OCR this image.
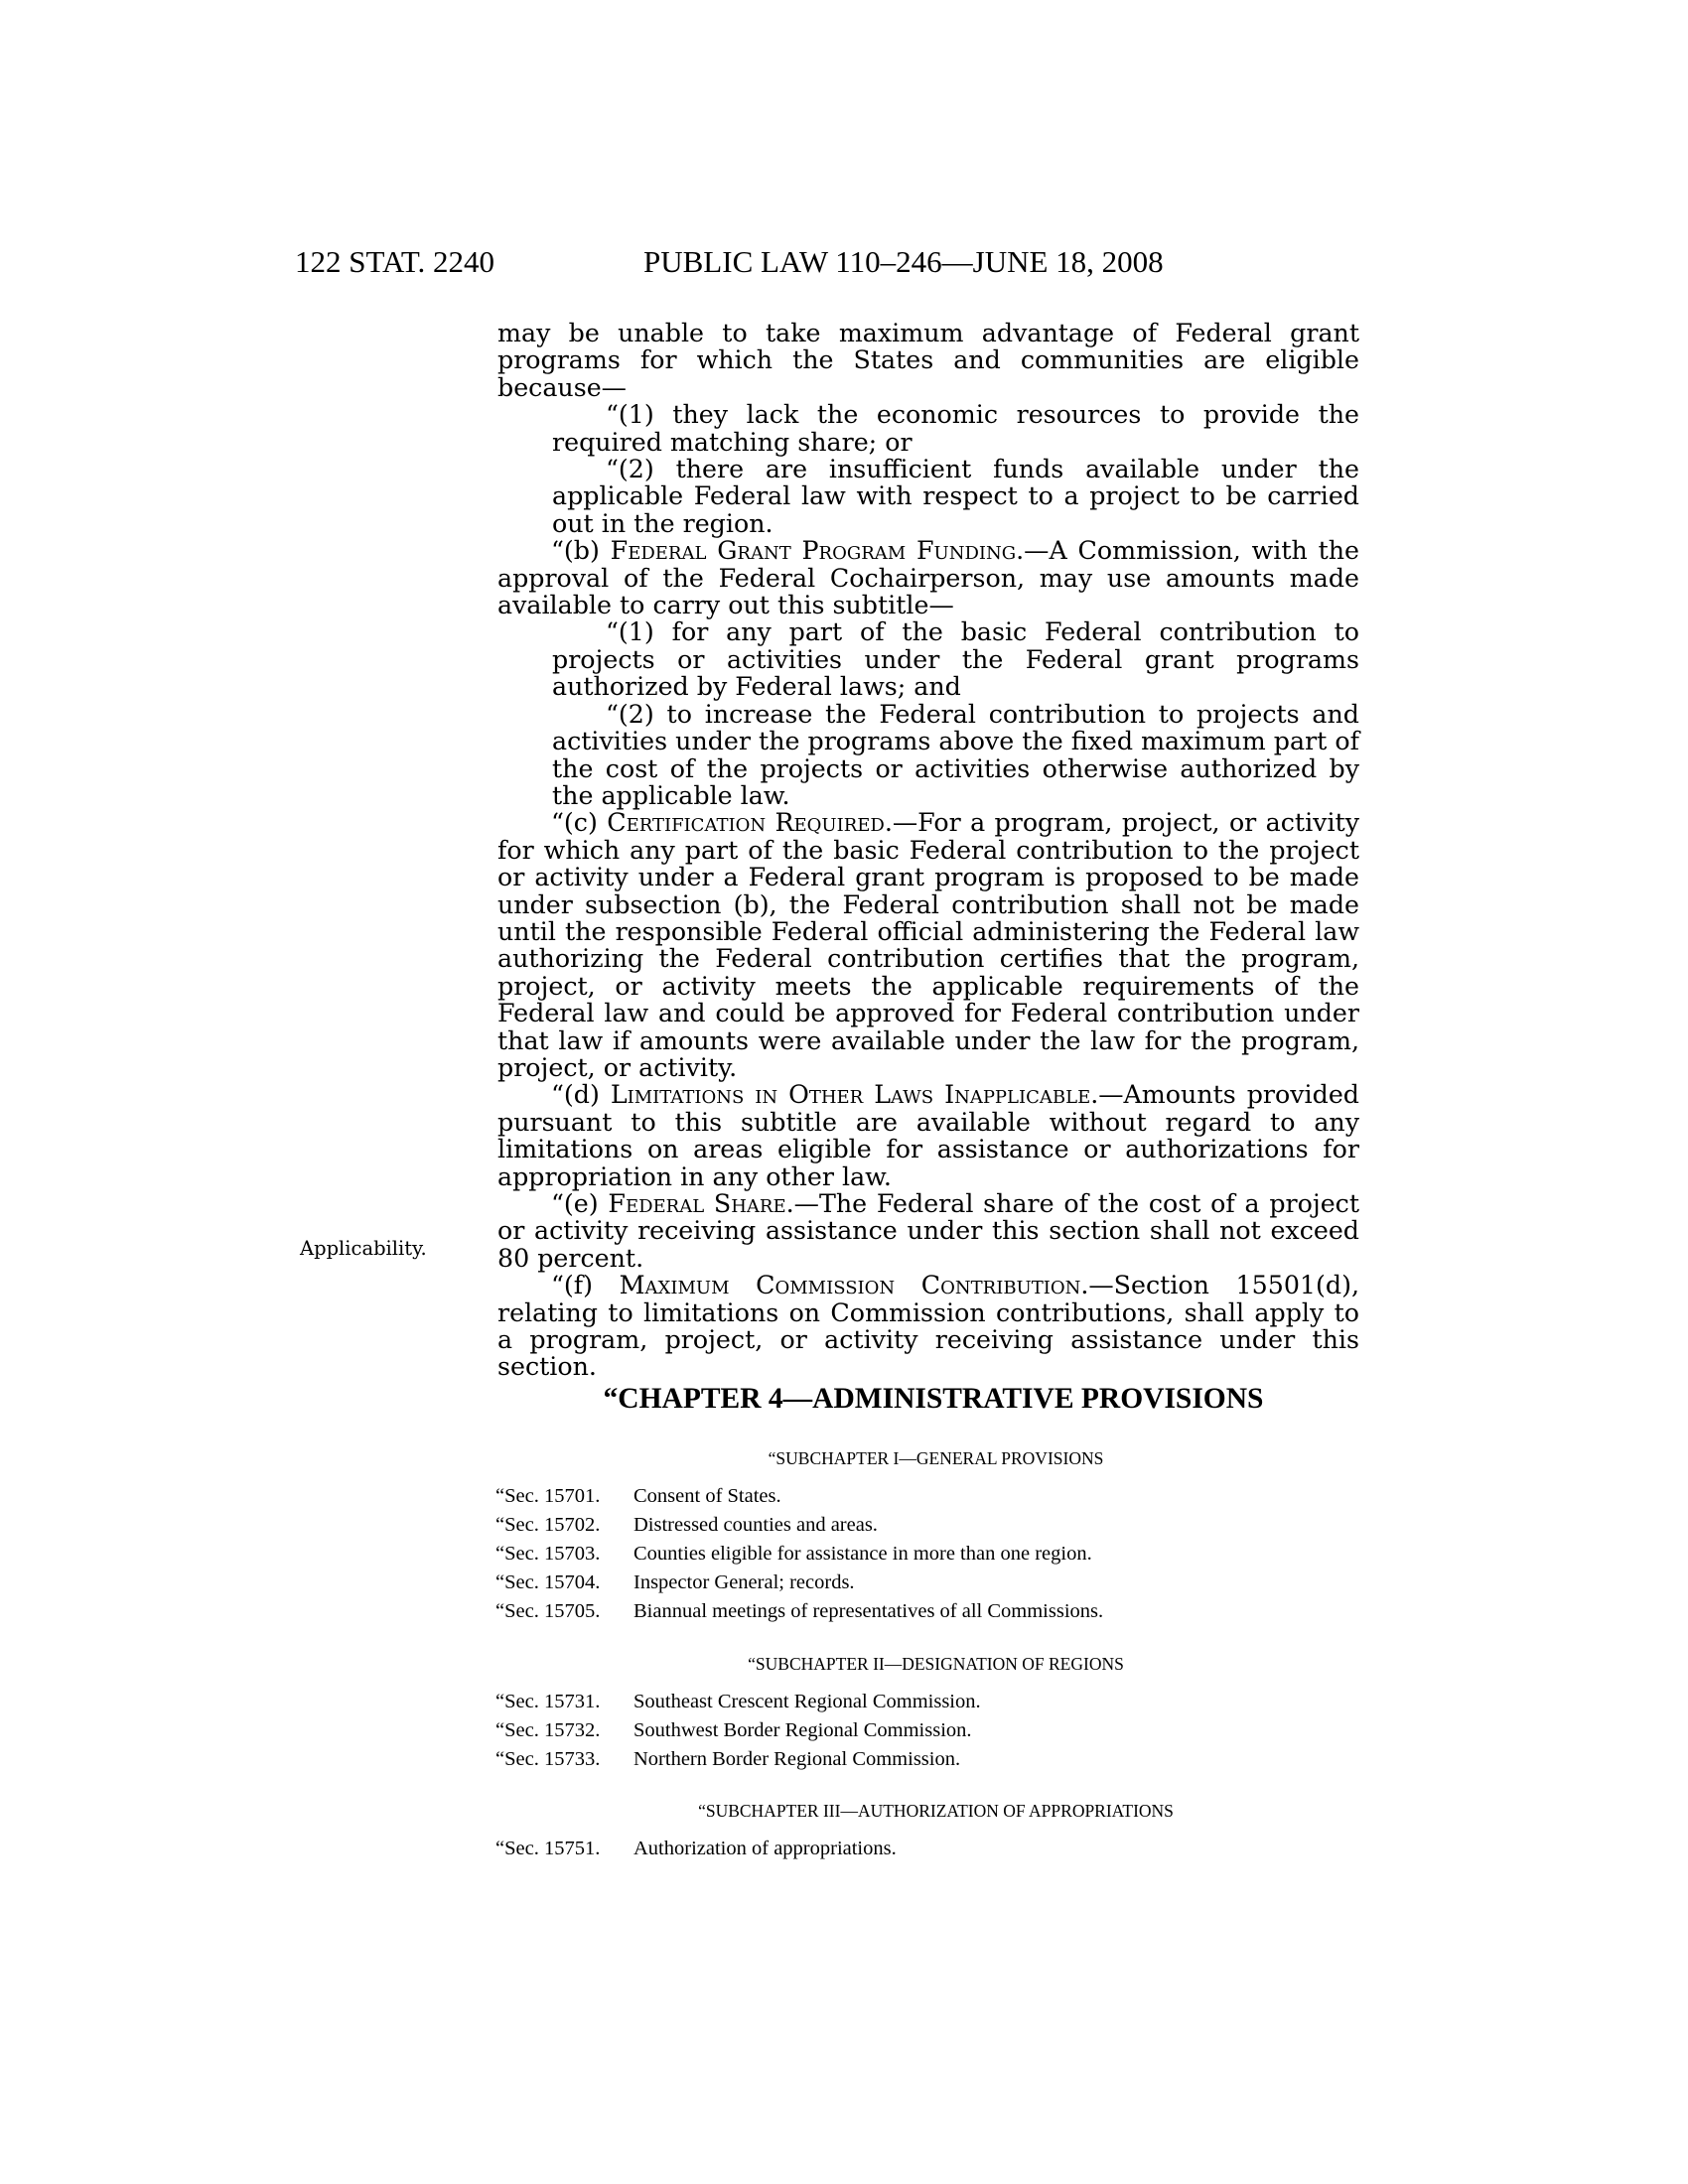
122 STAT. 2240	PUBLIC LAW 110–246—JUNE 18, 2008

may be unable to take maximum advantage of Federal grant programs for which the States and communities are eligible because—

“(1) they lack the economic resources to provide the required matching share; or

“(2) there are insufficient funds available under the applicable Federal law with respect to a project to be carried out in the region.

“(b) Federal Grant Program Funding.—A Commission, with the approval of the Federal Cochairperson, may use amounts made available to carry out this subtitle—

“(1) for any part of the basic Federal contribution to projects or activities under the Federal grant programs authorized by Federal laws; and

“(2) to increase the Federal contribution to projects and activities under the programs above the fixed maximum part of the cost of the projects or activities otherwise authorized by the applicable law.

“(c) Certification Required.—For a program, project, or activity for which any part of the basic Federal contribution to the project or activity under a Federal grant program is proposed to be made under subsection (b), the Federal contribution shall not be made until the responsible Federal official administering the Federal law authorizing the Federal contribution certifies that the program, project, or activity meets the applicable requirements of the Federal law and could be approved for Federal contribution under that law if amounts were available under the law for the program, project, or activity.

“(d) Limitations in Other Laws Inapplicable.—Amounts provided pursuant to this subtitle are available without regard to any limitations on areas eligible for assistance or authorizations for appropriation in any other law.

“(e) Federal Share.—The Federal share of the cost of a project or activity receiving assistance under this section shall not exceed 80 percent.

“(f) Maximum Commission Contribution.—Section 15501(d), relating to limitations on Commission contributions, shall apply to a program, project, or activity receiving assistance under this section.

Applicability.
“CHAPTER 4—ADMINISTRATIVE PROVISIONS
“SUBCHAPTER I—GENERAL PROVISIONS
“Sec. 15701. Consent of States.
“Sec. 15702. Distressed counties and areas.
“Sec. 15703. Counties eligible for assistance in more than one region.
“Sec. 15704. Inspector General; records.
“Sec. 15705. Biannual meetings of representatives of all Commissions.
“SUBCHAPTER II—DESIGNATION OF REGIONS
“Sec. 15731. Southeast Crescent Regional Commission.
“Sec. 15732. Southwest Border Regional Commission.
“Sec. 15733. Northern Border Regional Commission.
“SUBCHAPTER III—AUTHORIZATION OF APPROPRIATIONS
“Sec. 15751. Authorization of appropriations.
